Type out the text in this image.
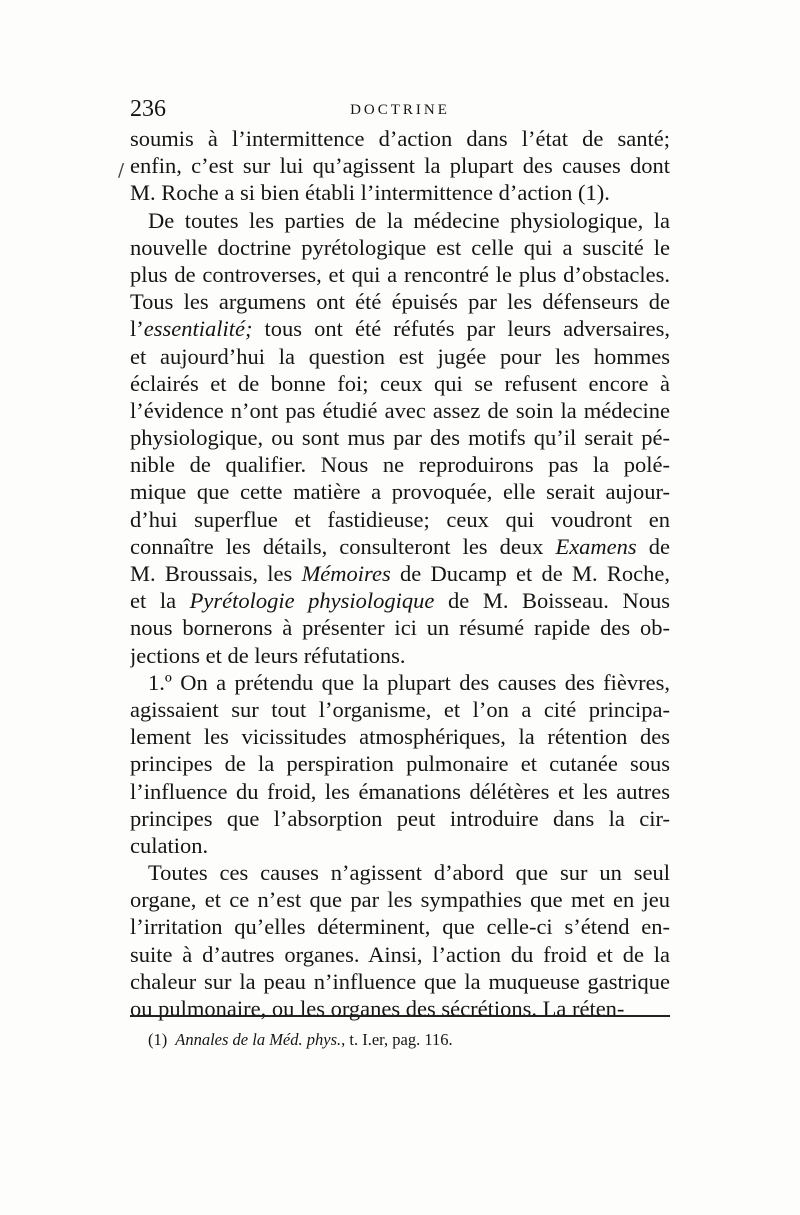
236	DOCTRINE
/
soumis à l’intermittence d’action dans l’état de santé;
enfin, c’est sur lui qu’agissent la plupart des causes dont
M. Roche a si bien établi l’intermittence d’action (1).
De toutes les parties de la médecine physiologique, la
nouvelle doctrine pyrétologique est celle qui a suscité le
plus de controverses, et qui a rencontré le plus d’obstacles.
Tous les argumens ont été épuisés par les défenseurs de
l’essentialité; tous ont été réfutés par leurs adversaires,
et aujourd’hui la question est jugée pour les hommes
éclairés et de bonne foi; ceux qui se refusent encore à
l’évidence n’ont pas étudié avec assez de soin la médecine
physiologique, ou sont mus par des motifs qu’il serait pé-
nible de qualifier. Nous ne reproduirons pas la polé-
mique que cette matière a provoquée, elle serait aujour-
d’hui superflue et fastidieuse; ceux qui voudront en
connaître les détails, consulteront les deux Examens de
M. Broussais, les Mémoires de Ducamp et de M. Roche,
et la Pyrétologie physiologique de M. Boisseau. Nous
nous bornerons à présenter ici un résumé rapide des ob-
jections et de leurs réfutations.
1.º On a prétendu que la plupart des causes des fièvres,
agissaient sur tout l’organisme, et l’on a cité principa-
lement les vicissitudes atmosphériques, la rétention des
principes de la perspiration pulmonaire et cutanée sous
l’influence du froid, les émanations délétères et les autres
principes que l’absorption peut introduire dans la cir-
culation.
Toutes ces causes n’agissent d’abord que sur un seul
organe, et ce n’est que par les sympathies que met en jeu
l’irritation qu’elles déterminent, que celle-ci s’étend en-
suite à d’autres organes. Ainsi, l’action du froid et de la
chaleur sur la peau n’influence que la muqueuse gastrique
ou pulmonaire, ou les organes des sécrétions. La réten-
(1) Annales de la Méd. phys., t. I.er, pag. 116.
